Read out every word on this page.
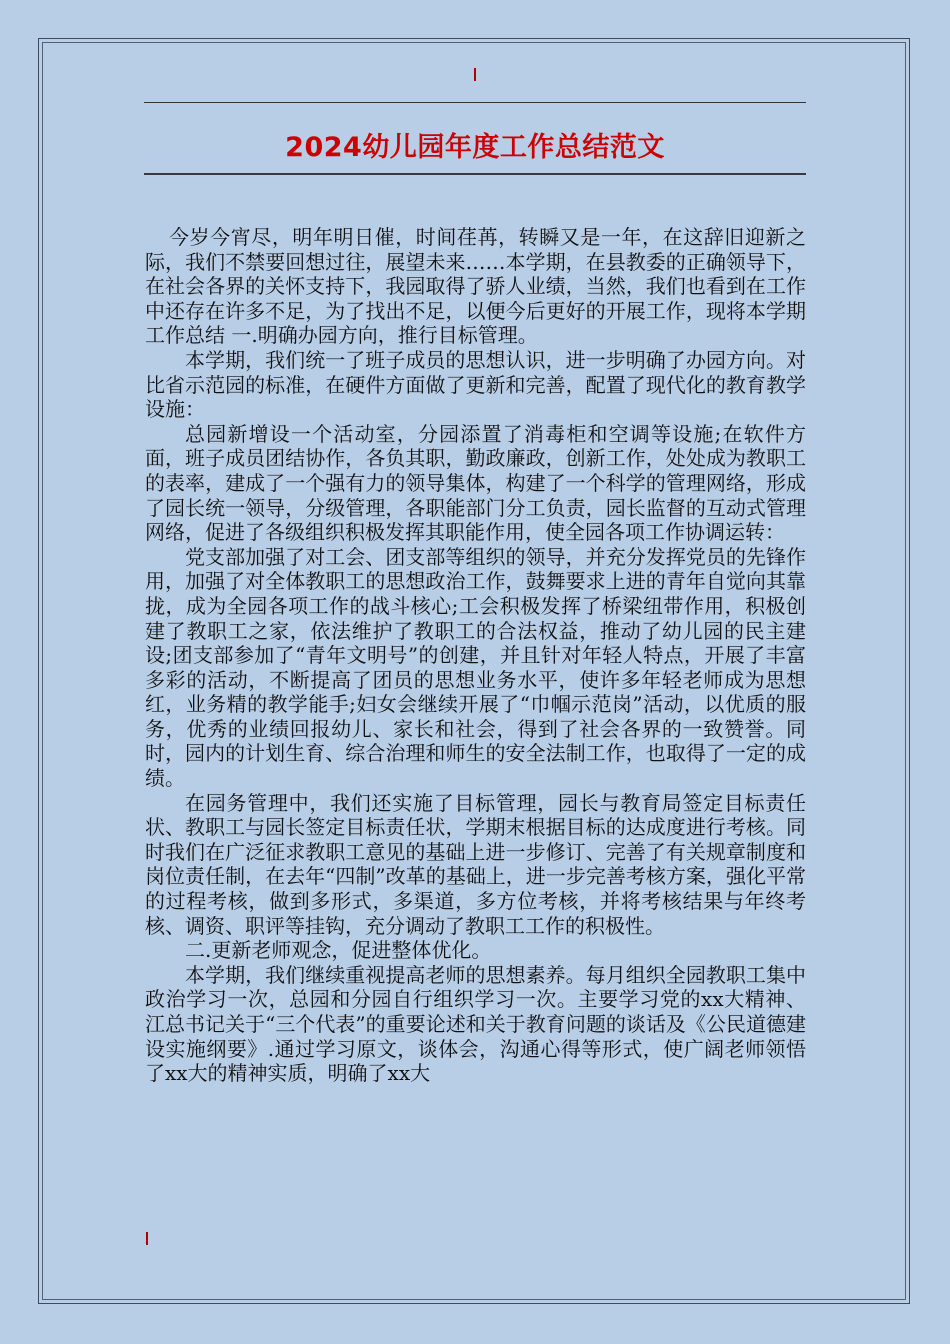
2024幼儿园年度工作总结范文

今岁今宵尽，明年明日催，时间荏苒，转瞬又是一年，在这辞旧迎新之际，我们不禁要回想过往，展望未来……本学期，在县教委的正确领导下，在社会各界的关怀支持下，我园取得了骄人业绩，当然，我们也看到在工作中还存在许多不足，为了找出不足，以便今后更好的开展工作，现将本学期工作总结 一.明确办园方向，推行目标管理。

本学期，我们统一了班子成员的思想认识，进一步明确了办园方向。对比省示范园的标准，在硬件方面做了更新和完善，配置了现代化的教育教学设施：

总园新增设一个活动室，分园添置了消毒柜和空调等设施;在软件方面，班子成员团结协作，各负其职，勤政廉政，创新工作，处处成为教职工的表率，建成了一个强有力的领导集体，构建了一个科学的管理网络，形成了园长统一领导，分级管理，各职能部门分工负责，园长监督的互动式管理网络，促进了各级组织积极发挥其职能作用，使全园各项工作协调运转：

党支部加强了对工会、团支部等组织的领导，并充分发挥党员的先锋作用，加强了对全体教职工的思想政治工作，鼓舞要求上进的青年自觉向其靠拢，成为全园各项工作的战斗核心;工会积极发挥了桥梁纽带作用，积极创建了教职工之家，依法维护了教职工的合法权益，推动了幼儿园的民主建设;团支部参加了“青年文明号”的创建，并且针对年轻人特点，开展了丰富多彩的活动，不断提高了团员的思想业务水平，使许多年轻老师成为思想红，业务精的教学能手;妇女会继续开展了“巾帼示范岗”活动，以优质的服务，优秀的业绩回报幼儿、家长和社会，得到了社会各界的一致赞誉。同时，园内的计划生育、综合治理和师生的安全法制工作，也取得了一定的成绩。

在园务管理中，我们还实施了目标管理，园长与教育局签定目标责任状、教职工与园长签定目标责任状，学期末根据目标的达成度进行考核。同时我们在广泛征求教职工意见的基础上进一步修订、完善了有关规章制度和岗位责任制，在去年“四制”改革的基础上，进一步完善考核方案，强化平常的过程考核，做到多形式，多渠道，多方位考核，并将考核结果与年终考核、调资、职评等挂钩，充分调动了教职工工作的积极性。

二.更新老师观念，促进整体优化。

本学期，我们继续重视提高老师的思想素养。每月组织全园教职工集中政治学习一次，总园和分园自行组织学习一次。主要学习党的xx大精神、江总书记关于“三个代表”的重要论述和关于教育问题的谈话及《公民道德建设实施纲要》.通过学习原文，谈体会，沟通心得等形式，使广阔老师领悟了xx大的精神实质，明确了xx大
